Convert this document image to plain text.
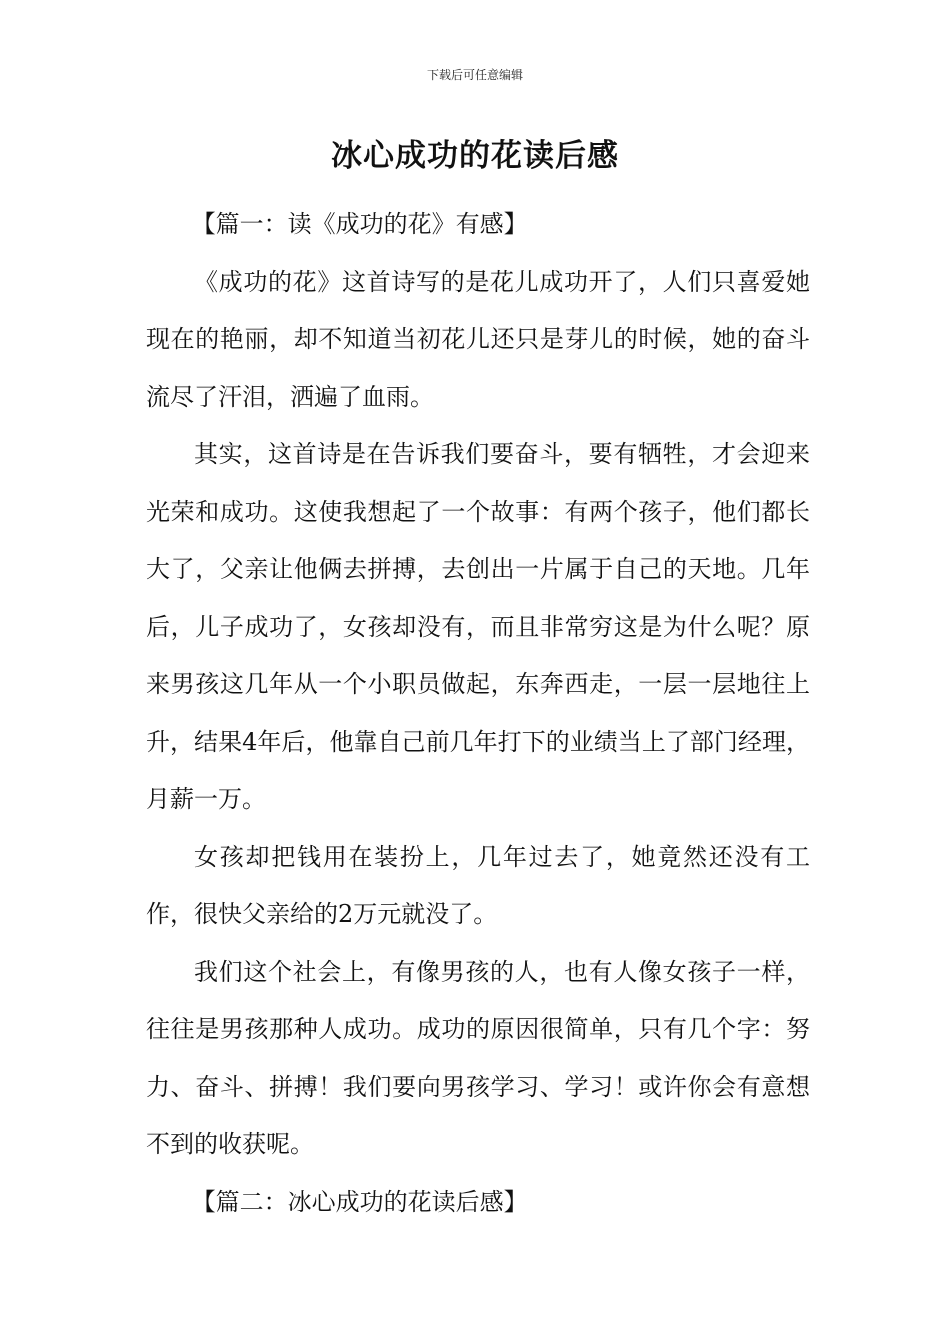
下载后可任意编辑
冰心成功的花读后感

【篇一：读《成功的花》有感】

《成功的花》这首诗写的是花儿成功开了，人们只喜爱她现在的艳丽，却不知道当初花儿还只是芽儿的时候，她的奋斗流尽了汗泪，洒遍了血雨。

其实，这首诗是在告诉我们要奋斗，要有牺牲，才会迎来光荣和成功。这使我想起了一个故事：有两个孩子，他们都长大了，父亲让他俩去拼搏，去创出一片属于自己的天地。几年后，儿子成功了，女孩却没有，而且非常穷这是为什么呢？原来男孩这几年从一个小职员做起，东奔西走，一层一层地往上升，结果4年后，他靠自己前几年打下的业绩当上了部门经理，月薪一万。

女孩却把钱用在装扮上，几年过去了，她竟然还没有工作，很快父亲给的2万元就没了。

我们这个社会上，有像男孩的人，也有人像女孩子一样，往往是男孩那种人成功。成功的原因很简单，只有几个字：努力、奋斗、拼搏！我们要向男孩学习、学习！或许你会有意想不到的收获呢。

【篇二：冰心成功的花读后感】
